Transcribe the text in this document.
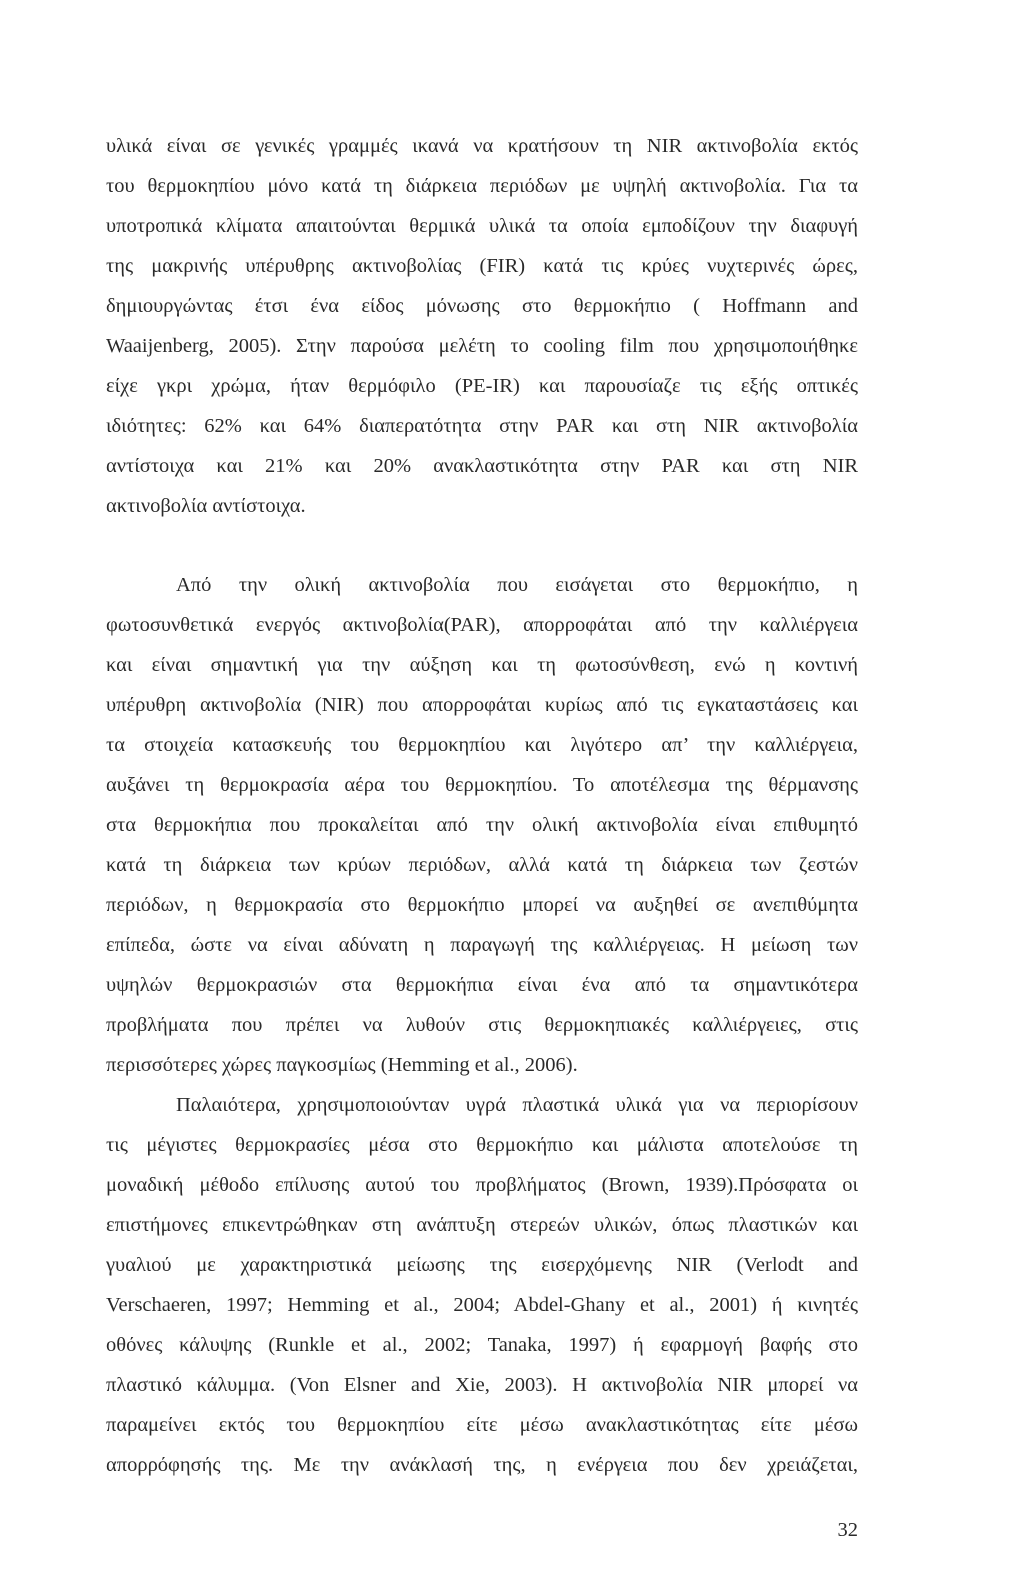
υλικά είναι σε γενικές γραμμές ικανά να κρατήσουν τη NIR ακτινοβολία εκτός
του θερμοκηπίου μόνο κατά τη διάρκεια περιόδων με υψηλή ακτινοβολία. Για τα
υποτροπικά κλίματα απαιτούνται θερμικά υλικά τα οποία εμποδίζουν την διαφυγή
της μακρινής υπέρυθρης ακτινοβολίας (FIR) κατά τις κρύες νυχτερινές ώρες,
δημιουργώντας έτσι ένα είδος μόνωσης στο θερμοκήπιο ( Hoffmann and
Waaijenberg, 2005). Στην παρούσα μελέτη το cooling film που χρησιμοποιήθηκε
είχε γκρι χρώμα, ήταν θερμόφιλο (PE-IR) και παρουσίαζε τις εξής οπτικές
ιδιότητες: 62% και 64% διαπερατότητα στην PAR και στη NIR ακτινοβολία
αντίστοιχα και 21% και 20% ανακλαστικότητα στην PAR και στη NIR
ακτινοβολία αντίστοιχα.
Από την ολική ακτινοβολία που εισάγεται στο θερμοκήπιο, η
φωτοσυνθετικά ενεργός ακτινοβολία(PAR), απορροφάται από την καλλιέργεια
και είναι σημαντική για την αύξηση και τη φωτοσύνθεση, ενώ η κοντινή
υπέρυθρη ακτινοβολία (NIR) που απορροφάται κυρίως από τις εγκαταστάσεις και
τα στοιχεία κατασκευής του θερμοκηπίου και λιγότερο απ’ την καλλιέργεια,
αυξάνει τη θερμοκρασία αέρα του θερμοκηπίου. Το αποτέλεσμα της θέρμανσης
στα θερμοκήπια που προκαλείται από την ολική ακτινοβολία είναι επιθυμητό
κατά τη διάρκεια των κρύων περιόδων, αλλά κατά τη διάρκεια των ζεστών
περιόδων, η θερμοκρασία στο θερμοκήπιο μπορεί να αυξηθεί σε ανεπιθύμητα
επίπεδα, ώστε να είναι αδύνατη η παραγωγή της καλλιέργειας. Η μείωση των
υψηλών θερμοκρασιών στα θερμοκήπια είναι ένα από τα σημαντικότερα
προβλήματα που πρέπει να λυθούν στις θερμοκηπιακές καλλιέργειες, στις
περισσότερες χώρες παγκοσμίως (Hemming et al., 2006).
Παλαιότερα, χρησιμοποιούνταν υγρά πλαστικά υλικά για να περιορίσουν
τις μέγιστες θερμοκρασίες μέσα στο θερμοκήπιο και μάλιστα αποτελούσε τη
μοναδική μέθοδο επίλυσης αυτού του προβλήματος (Brown, 1939).Πρόσφατα οι
επιστήμονες επικεντρώθηκαν στη ανάπτυξη στερεών υλικών, όπως πλαστικών και
γυαλιού με χαρακτηριστικά μείωσης της εισερχόμενης NIR (Verlodt and
Verschaeren, 1997; Hemming et al., 2004; Abdel-Ghany et al., 2001) ή κινητές
οθόνες κάλυψης (Runkle et al., 2002; Tanaka, 1997) ή εφαρμογή βαφής στο
πλαστικό κάλυμμα. (Von Elsner and Xie, 2003). Η ακτινοβολία NIR μπορεί να
παραμείνει εκτός του θερμοκηπίου είτε μέσω ανακλαστικότητας είτε μέσω
απορρόφησής της. Με την ανάκλασή της, η ενέργεια που δεν χρειάζεται,
32
